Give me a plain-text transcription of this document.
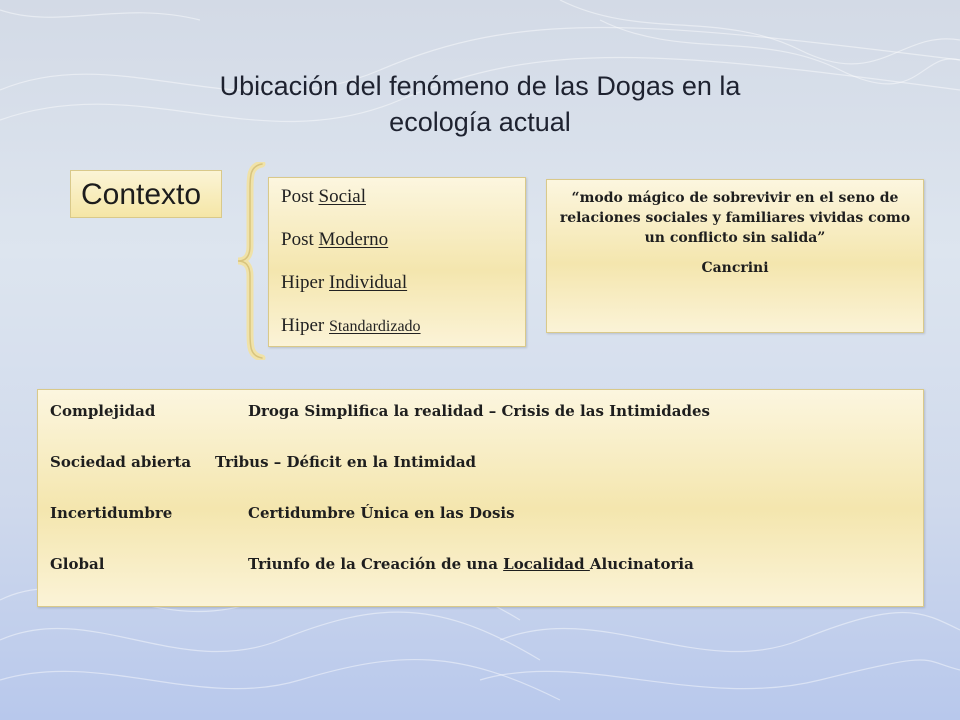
Ubicación del fenómeno de las Dogas en la
ecología actual
Contexto	Post Social
Post Moderno
Hiper Individual
Hiper Standardizado
“modo mágico de sobrevivir en el seno de relaciones sociales y familiares vividas como un conflicto sin salida”
Cancrini
Complejidad	Droga Simplifica la realidad – Crisis de las Intimidades
Sociedad abierta Tribus – Déficit en la Intimidad
Incertidumbre	Certidumbre Única en las Dosis
Global	Triunfo de la Creación de una Localidad Alucinatoria
